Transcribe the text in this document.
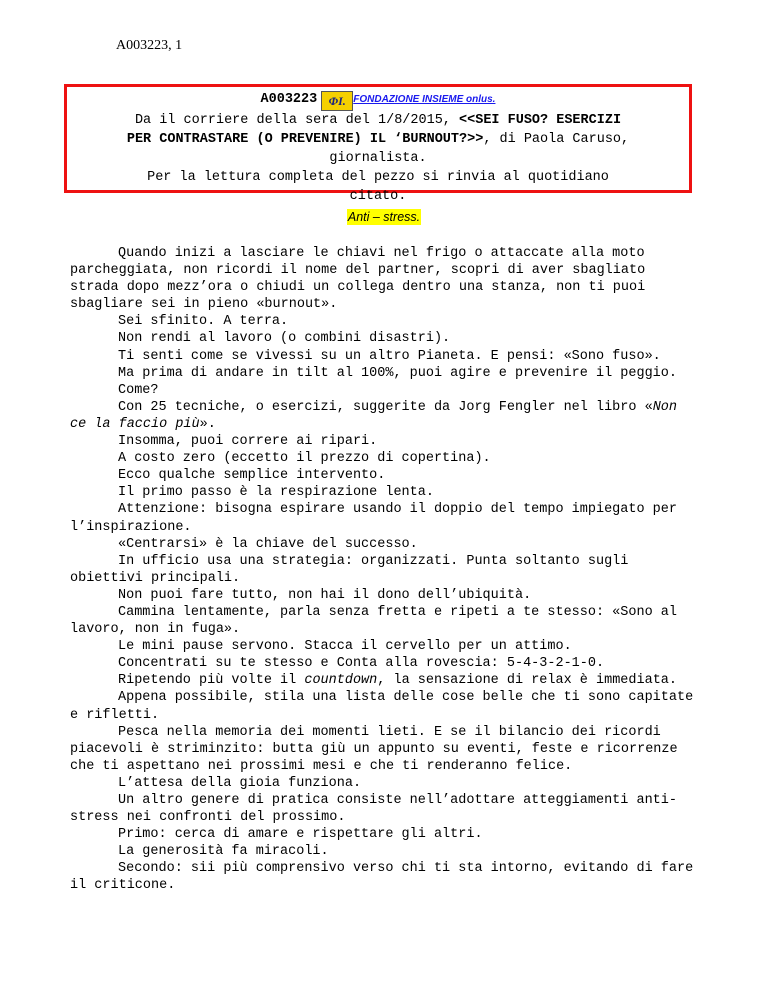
A003223, 1
A003223 ΦI. FONDAZIONE INSIEME onlus.
Da il corriere della sera del 1/8/2015, <<SEI FUSO? ESERCIZI
PER CONTRASTARE (O PREVENIRE) IL ‘BURNOUT?>>, di Paola Caruso,
giornalista.
Per la lettura completa del pezzo si rinvia al quotidiano
citato.
Anti – stress.

Quando inizi a lasciare le chiavi nel frigo o attaccate alla moto parcheggiata, non ricordi il nome del partner, scopri di aver sbagliato strada dopo mezz’ora o chiudi un collega dentro una stanza, non ti puoi sbagliare sei in pieno «burnout».

Sei sfinito. A terra.

Non rendi al lavoro (o combini disastri).

Ti senti come se vivessi su un altro Pianeta. E pensi: «Sono fuso».

Ma prima di andare in tilt al 100%, puoi agire e prevenire il peggio.

Come?

Con 25 tecniche, o esercizi, suggerite da Jorg Fengler nel libro «Non ce la faccio più».

Insomma, puoi correre ai ripari.

A costo zero (eccetto il prezzo di copertina).

Ecco qualche semplice intervento.

Il primo passo è la respirazione lenta.

Attenzione: bisogna espirare usando il doppio del tempo impiegato per l’inspirazione.

«Centrarsi» è la chiave del successo.

In ufficio usa una strategia: organizzati. Punta soltanto sugli obiettivi principali.

Non puoi fare tutto, non hai il dono dell’ubiquità.

Cammina lentamente, parla senza fretta e ripeti a te stesso: «Sono al lavoro, non in fuga».

Le mini pause servono. Stacca il cervello per un attimo.

Concentrati su te stesso e Conta alla rovescia: 5-4-3-2-1-0.

Ripetendo più volte il countdown, la sensazione di relax è immediata.

Appena possibile, stila una lista delle cose belle che ti sono capitate e rifletti.

Pesca nella memoria dei momenti lieti. E se il bilancio dei ricordi piacevoli è striminzito: butta giù un appunto su eventi, feste e ricorrenze che ti aspettano nei prossimi mesi e che ti renderanno felice.

L’attesa della gioia funziona.

Un altro genere di pratica consiste nell’adottare atteggiamenti anti-stress nei confronti del prossimo.

Primo: cerca di amare e rispettare gli altri.

La generosità fa miracoli.

Secondo: sii più comprensivo verso chi ti sta intorno, evitando di fare il criticone.
